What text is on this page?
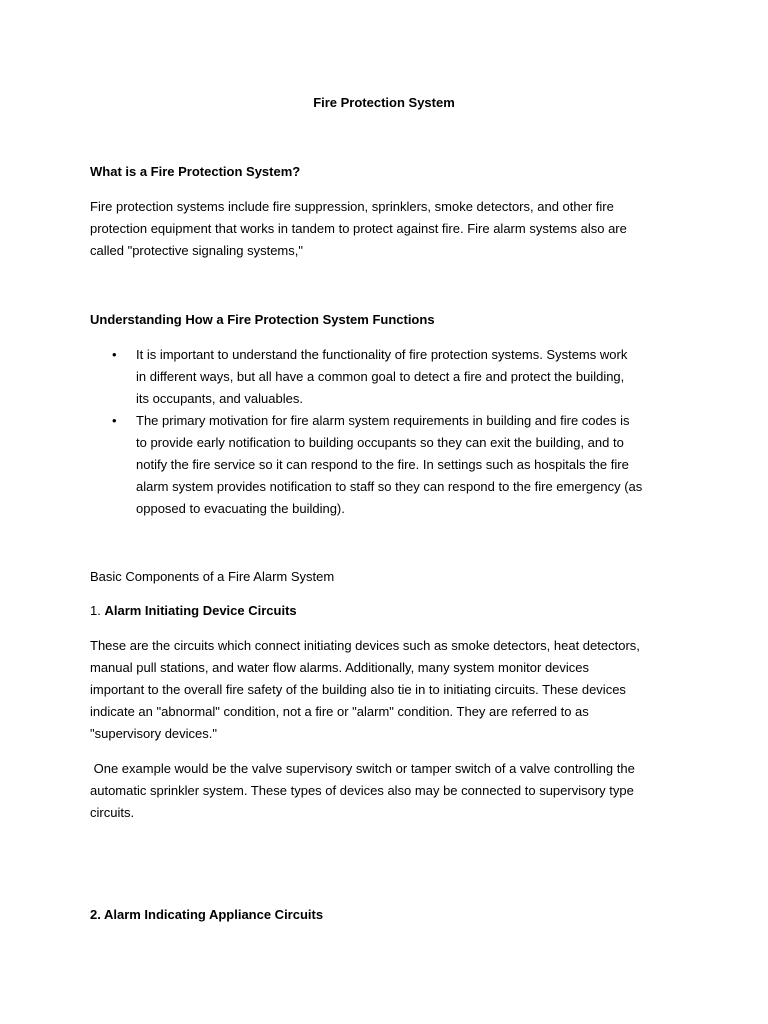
Fire Protection System
What is a Fire Protection System?
Fire protection systems include fire suppression, sprinklers, smoke detectors, and other fire
protection equipment that works in tandem to protect against fire. Fire alarm systems also are
called "protective signaling systems,"
Understanding How a Fire Protection System Functions
• It is important to understand the functionality of fire protection systems. Systems work
in different ways, but all have a common goal to detect a fire and protect the building,
its occupants, and valuables.
• The primary motivation for fire alarm system requirements in building and fire codes is
to provide early notification to building occupants so they can exit the building, and to
notify the fire service so it can respond to the fire. In settings such as hospitals the fire
alarm system provides notification to staff so they can respond to the fire emergency (as
opposed to evacuating the building).
Basic Components of a Fire Alarm System
1. Alarm Initiating Device Circuits
These are the circuits which connect initiating devices such as smoke detectors, heat detectors,
manual pull stations, and water flow alarms. Additionally, many system monitor devices
important to the overall fire safety of the building also tie in to initiating circuits. These devices
indicate an "abnormal" condition, not a fire or "alarm" condition. They are referred to as
"supervisory devices."
One example would be the valve supervisory switch or tamper switch of a valve controlling the
automatic sprinkler system. These types of devices also may be connected to supervisory type
circuits.
2. Alarm Indicating Appliance Circuits
